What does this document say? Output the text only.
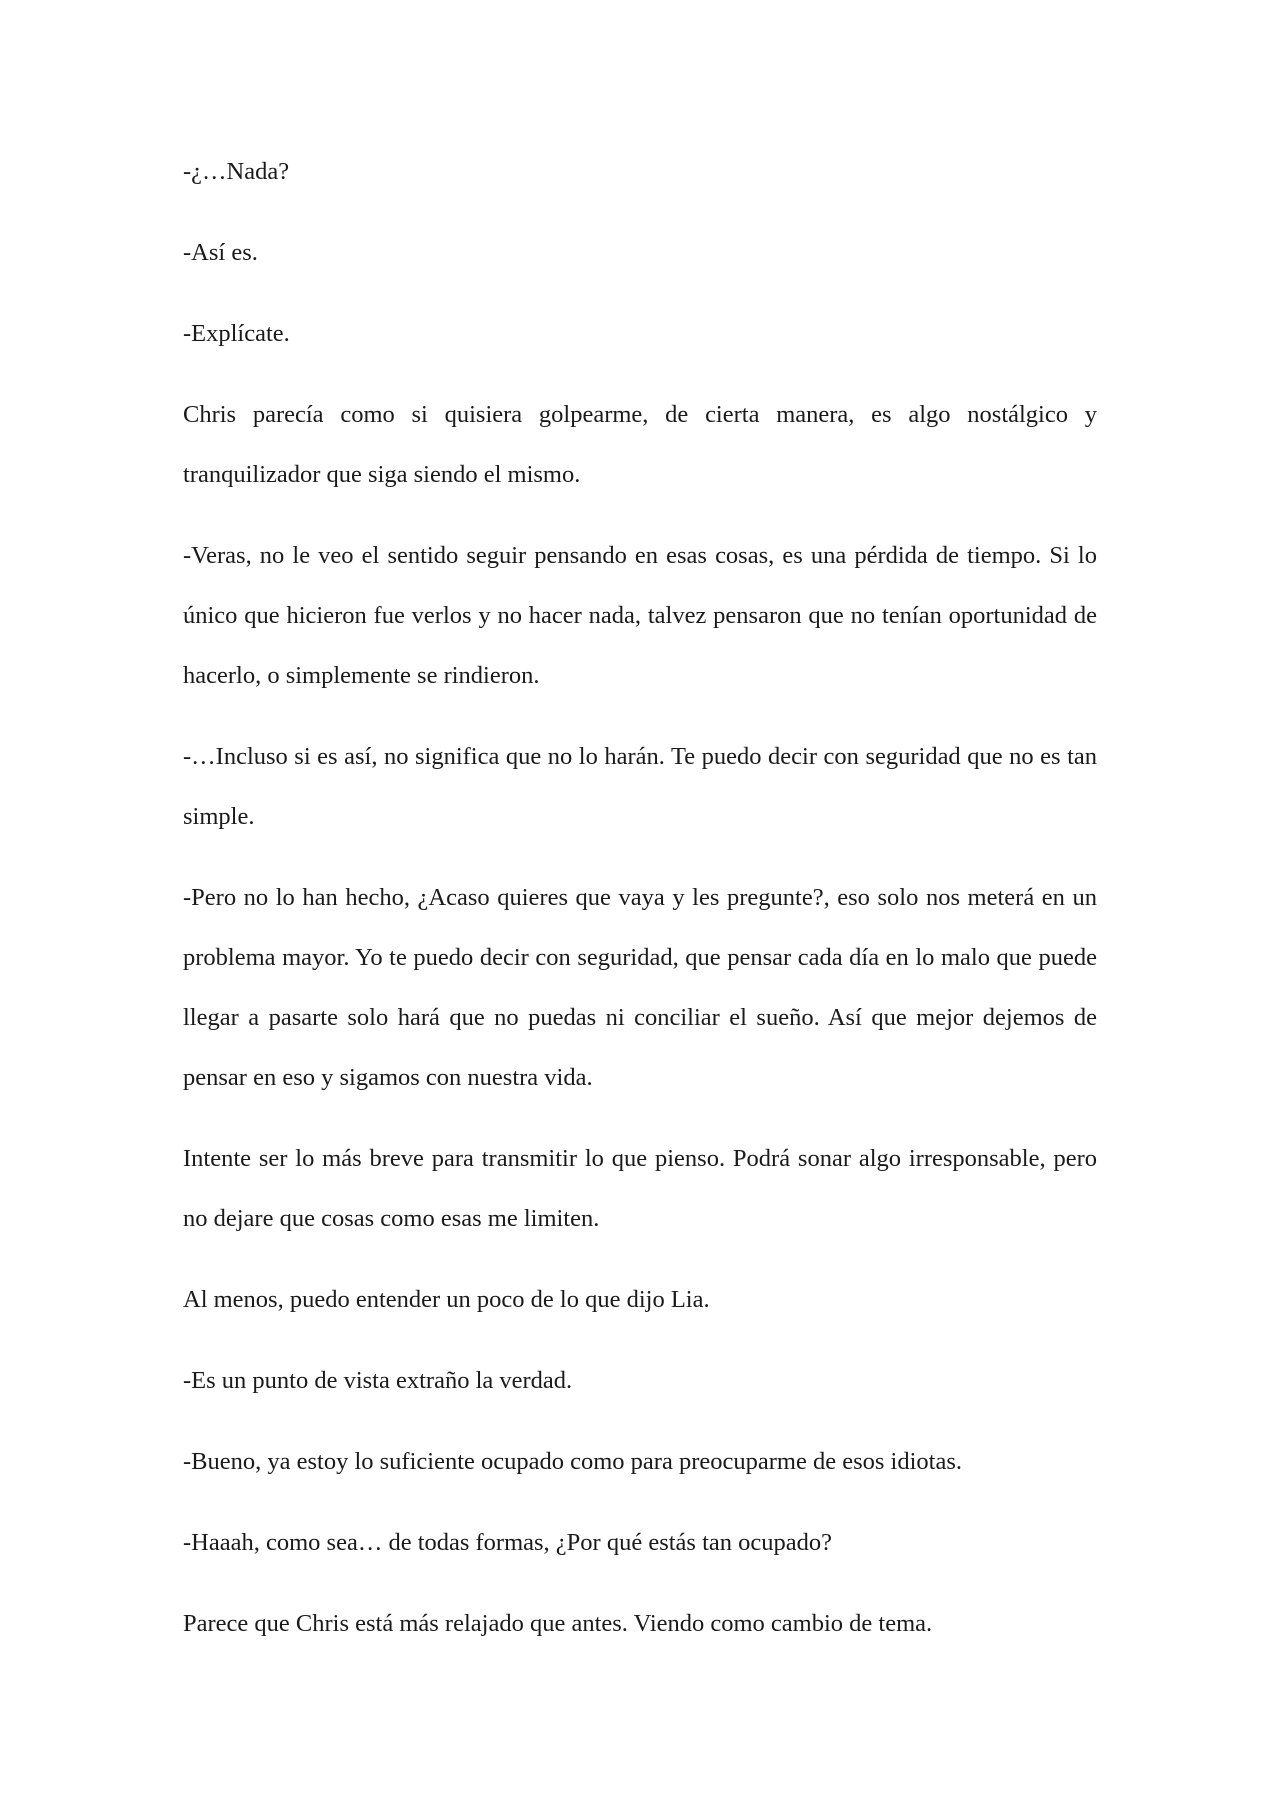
-¿…Nada?

-Así es.

-Explícate.

Chris parecía como si quisiera golpearme, de cierta manera, es algo nostálgico y tranquilizador que siga siendo el mismo.

-Veras, no le veo el sentido seguir pensando en esas cosas, es una pérdida de tiempo. Si lo único que hicieron fue verlos y no hacer nada, talvez pensaron que no tenían oportunidad de hacerlo, o simplemente se rindieron.

-…Incluso si es así, no significa que no lo harán. Te puedo decir con seguridad que no es tan simple.

-Pero no lo han hecho, ¿Acaso quieres que vaya y les pregunte?, eso solo nos meterá en un problema mayor. Yo te puedo decir con seguridad, que pensar cada día en lo malo que puede llegar a pasarte solo hará que no puedas ni conciliar el sueño. Así que mejor dejemos de pensar en eso y sigamos con nuestra vida.

Intente ser lo más breve para transmitir lo que pienso. Podrá sonar algo irresponsable, pero no dejare que cosas como esas me limiten.

Al menos, puedo entender un poco de lo que dijo Lia.

-Es un punto de vista extraño la verdad.

-Bueno, ya estoy lo suficiente ocupado como para preocuparme de esos idiotas.

-Haaah, como sea… de todas formas, ¿Por qué estás tan ocupado?

Parece que Chris está más relajado que antes. Viendo como cambio de tema.
